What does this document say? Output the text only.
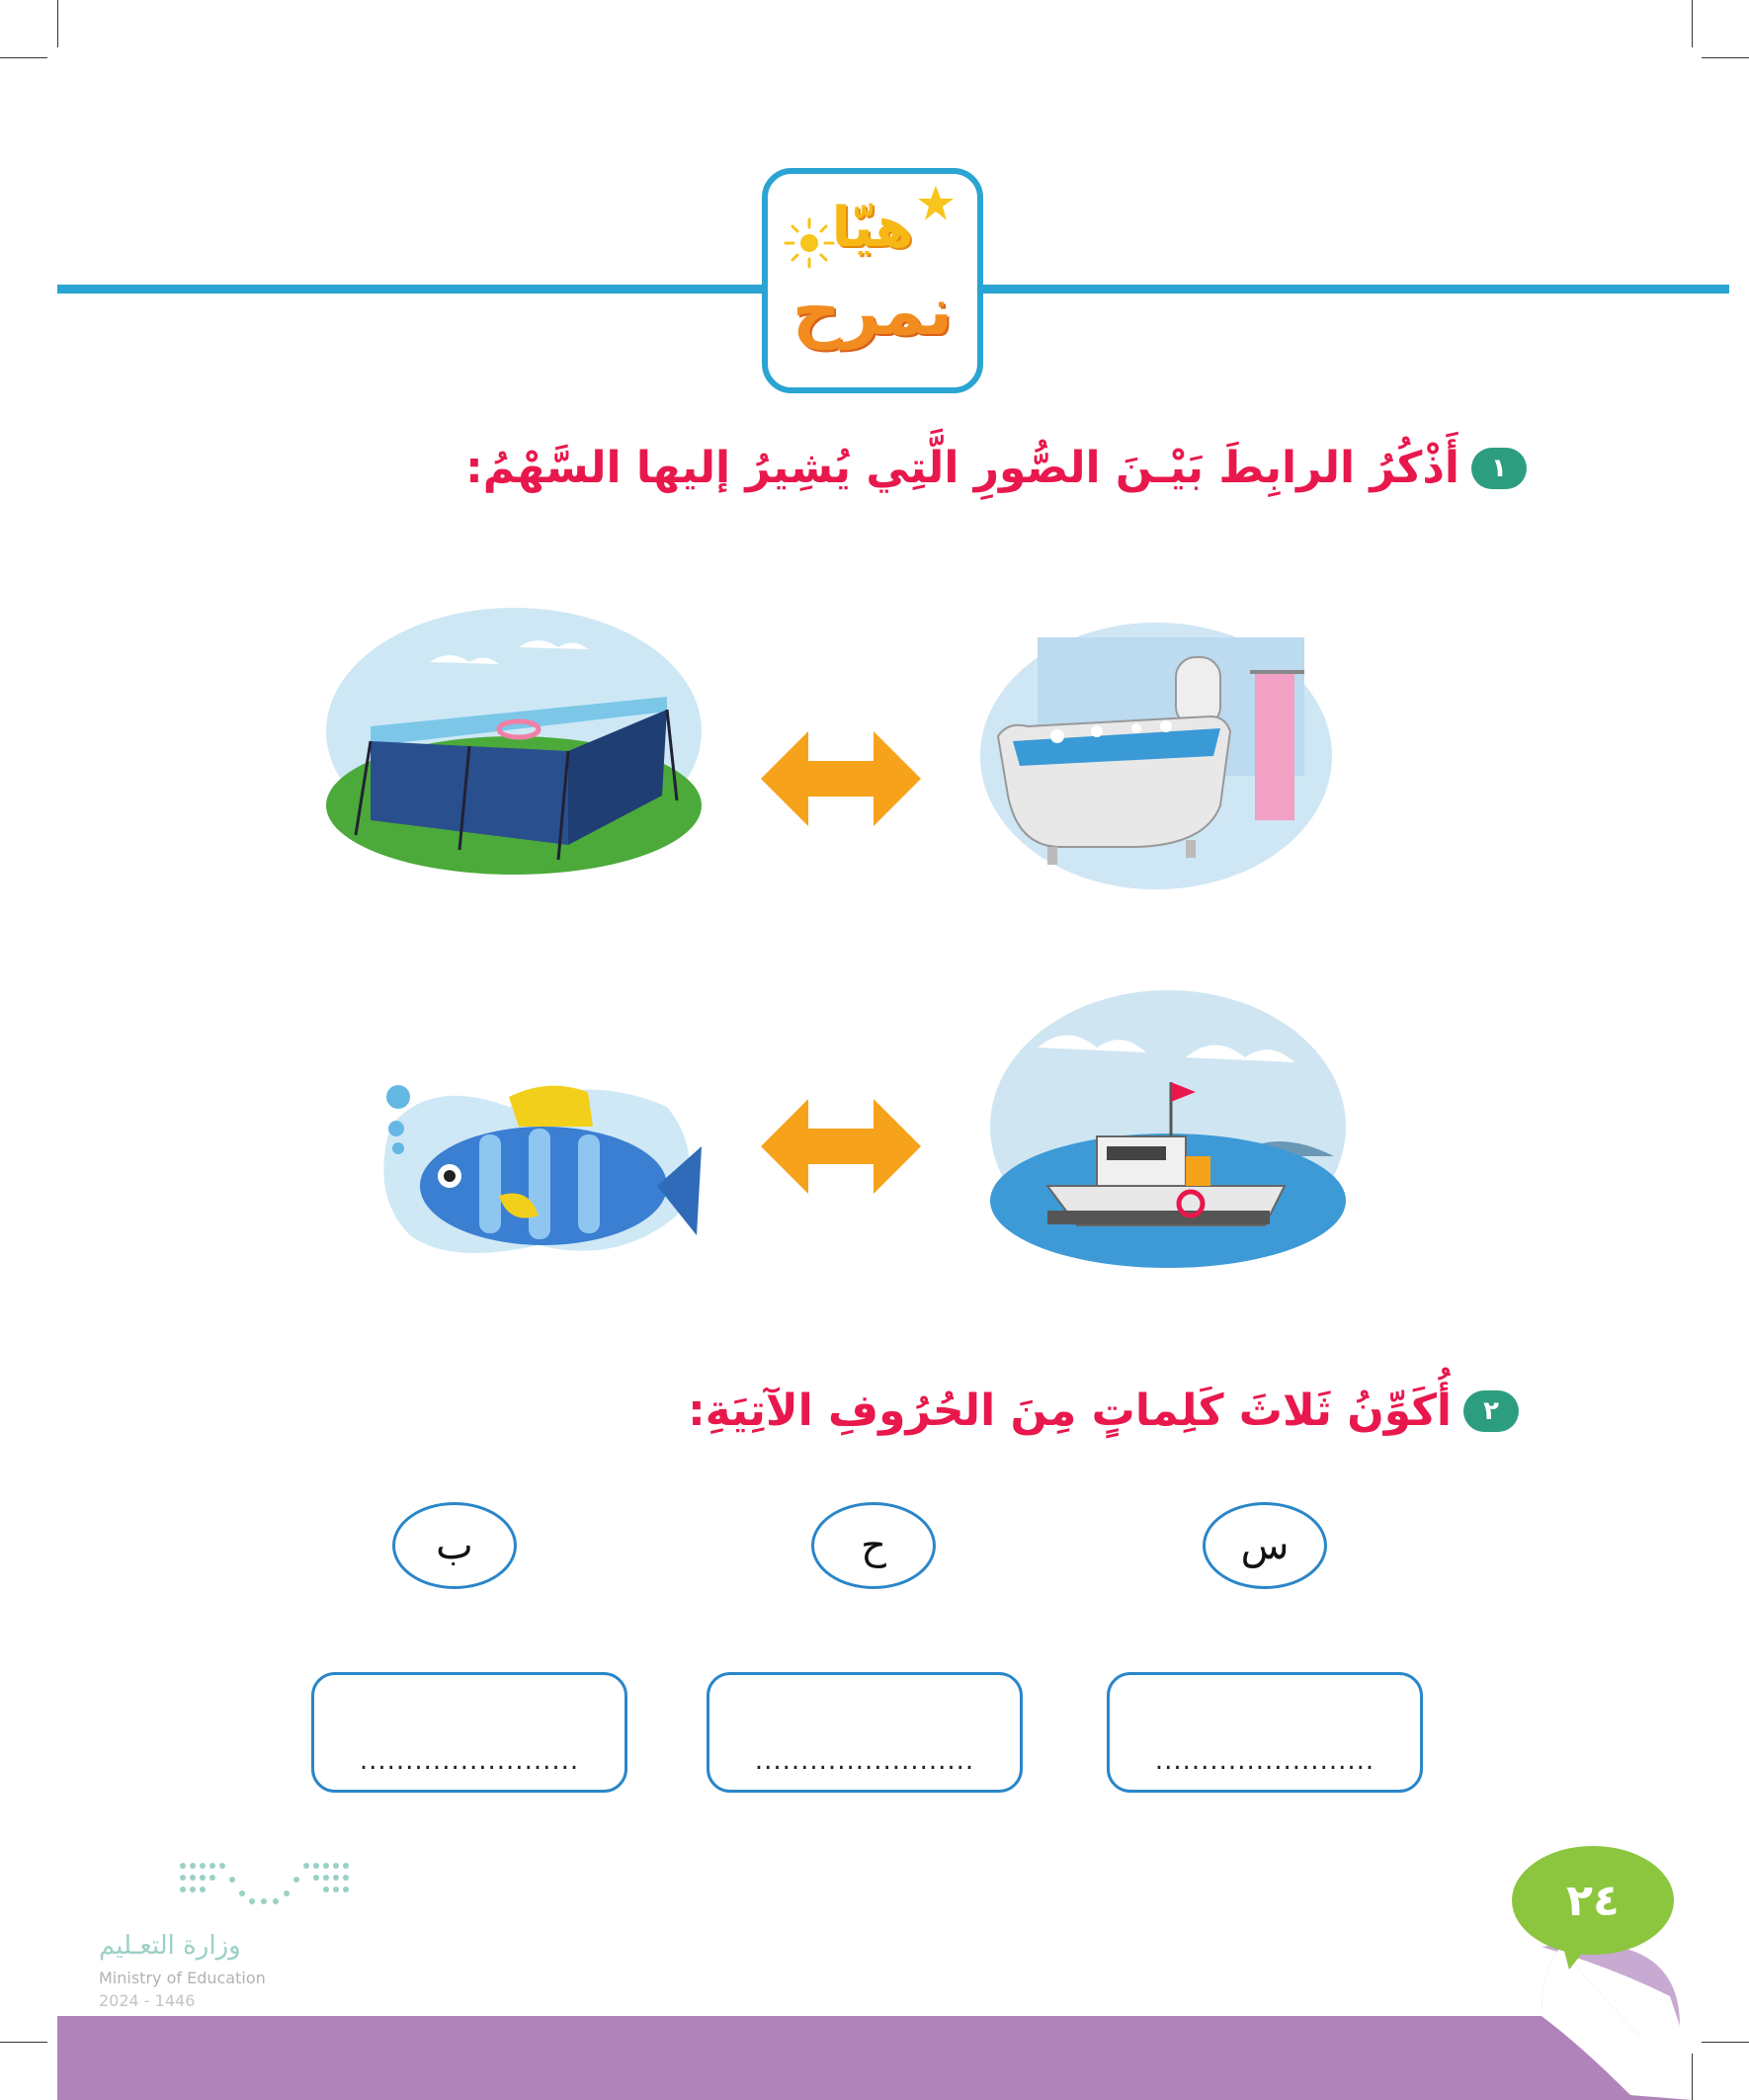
هيّا
نمرح
١
أَذْكُرُ الرابِطَ بَيْـنَ الصُّورِ الَّتِي يُشِيرُ إليها السَّهْمُ:
٢
أُكَوِّنُ ثَلاثَ كَلِماتٍ مِنَ الحُرُوفِ الآتِيَةِ:
س
ح
ب
........................
........................
........................
٢٤
وزارة التعـليم
Ministry of Education
2024 - 1446
